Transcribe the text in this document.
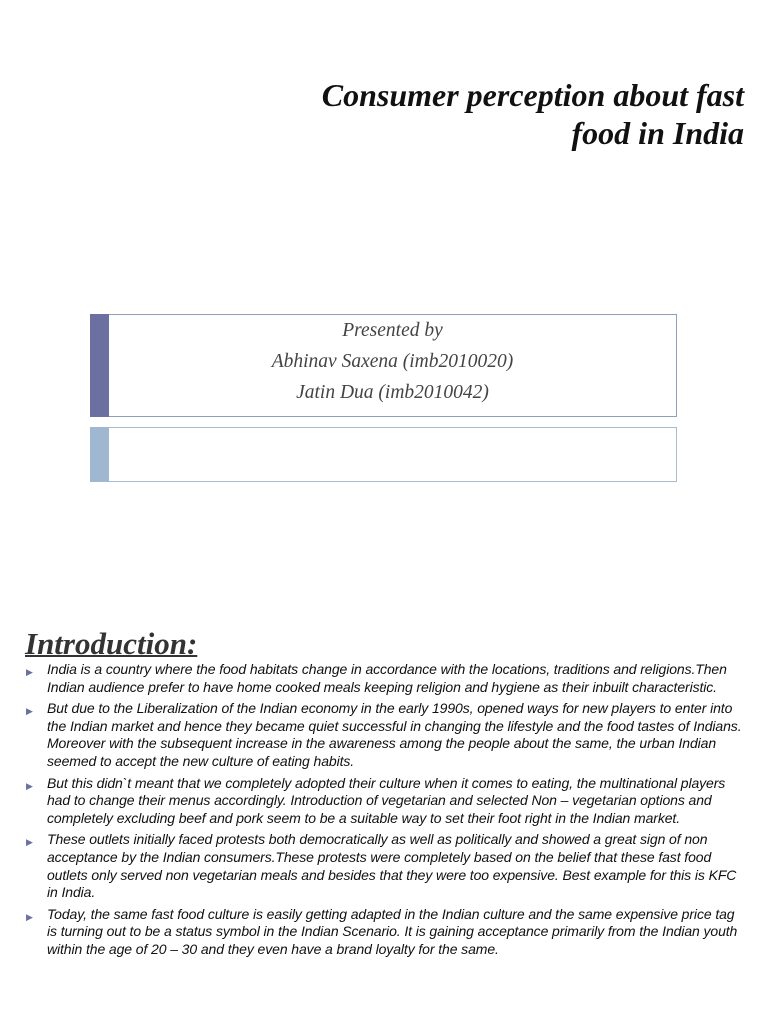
Consumer perception about fast
food in India
Presented by
Abhinav Saxena (imb2010020)
Jatin Dua (imb2010042)
Introduction:
▶ India is a country where the food habitats change in accordance with the locations, traditions and religions.Then Indian audience prefer to have home cooked meals keeping religion and hygiene as their inbuilt characteristic.
▶ But due to the Liberalization of the Indian economy in the early 1990s, opened ways for new players to enter into the Indian market and hence they became quiet successful in changing the lifestyle and the food tastes of Indians. Moreover with the subsequent increase in the awareness among the people about the same, the urban Indian seemed to accept the new culture of eating habits.
▶ But this didn`t meant that we completely adopted their culture when it comes to eating, the multinational players had to change their menus accordingly. Introduction of vegetarian and selected Non – vegetarian options and completely excluding beef and pork seem to be a suitable way to set their foot right in the Indian market.
▶ These outlets initially faced protests both democratically as well as politically and showed a great sign of non acceptance by the Indian consumers.These protests were completely based on the belief that these fast food outlets only served non vegetarian meals and besides that they were too expensive. Best example for this is KFC in India.
▶ Today, the same fast food culture is easily getting adapted in the Indian culture and the same expensive price tag is turning out to be a status symbol in the Indian Scenario. It is gaining acceptance primarily from the Indian youth within the age of 20 – 30 and they even have a brand loyalty for the same.
